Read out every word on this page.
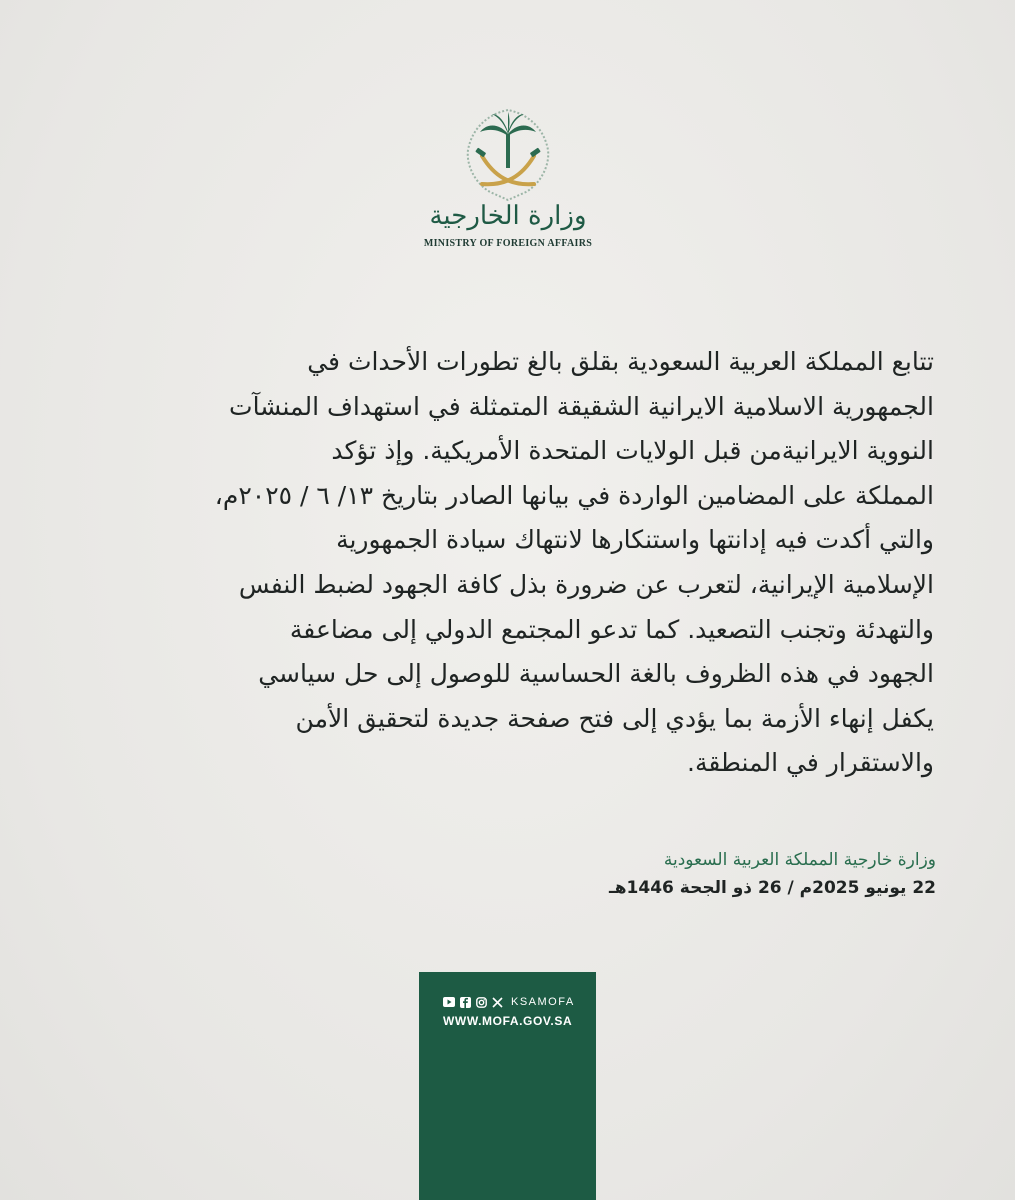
وزارة الخارجية
MINISTRY OF FOREIGN AFFAIRS
تتابع المملكة العربية السعودية بقلق بالغ تطورات الأحداث في
الجمهورية الاسلامية الايرانية الشقيقة المتمثلة في استهداف المنشآت
النووية الايرانيةمن قبل الولايات المتحدة الأمريكية. وإذ تؤكد
المملكة على المضامين الواردة في بيانها الصادر بتاريخ ١٣/ ٦ / ٢٠٢٥م،
والتي أكدت فيه إدانتها واستنكارها لانتهاك سيادة الجمهورية
الإسلامية الإيرانية، لتعرب عن ضرورة بذل كافة الجهود لضبط النفس
والتهدئة وتجنب التصعيد. كما تدعو المجتمع الدولي إلى مضاعفة
الجهود في هذه الظروف بالغة الحساسية للوصول إلى حل سياسي
يكفل إنهاء الأزمة بما يؤدي إلى فتح صفحة جديدة لتحقيق الأمن
والاستقرار في المنطقة.
وزارة خارجية المملكة العربية السعودية
22 يونيو 2025م / 26 ذو الجحة 1446هـ
KSAMOFA
WWW.MOFA.GOV.SA
